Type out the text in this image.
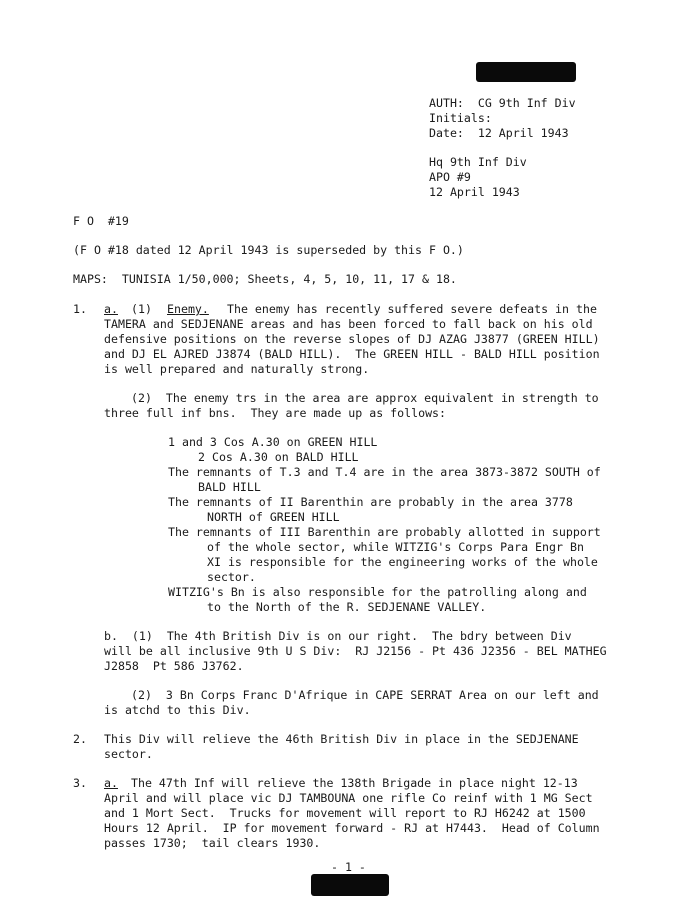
AUTH:  CG 9th Inf Div
Initials:
Date:  12 April 1943
Hq 9th Inf Div
APO #9
12 April 1943
F O  #19
(F O #18 dated 12 April 1943 is superseded by this F O.)
MAPS:  TUNISIA 1/50,000; Sheets, 4, 5, 10, 11, 17 & 18.
1. a. (1) Enemy. The enemy has recently suffered severe defeats in the
TAMERA and SEDJENANE areas and has been forced to fall back on his old
defensive positions on the reverse slopes of DJ AZAG J3877 (GREEN HILL)
and DJ EL AJRED J3874 (BALD HILL).  The GREEN HILL - BALD HILL position
is well prepared and naturally strong.
(2)  The enemy trs in the area are approx equivalent in strength to
three full inf bns.  They are made up as follows:
1 and 3 Cos A.30 on GREEN HILL
2 Cos A.30 on BALD HILL
The remnants of T.3 and T.4 are in the area 3873-3872 SOUTH of
BALD HILL
The remnants of II Barenthin are probably in the area 3778
NORTH of GREEN HILL
The remnants of III Barenthin are probably allotted in support
of the whole sector, while WITZIG's Corps Para Engr Bn
XI is responsible for the engineering works of the whole
sector.
WITZIG's Bn is also responsible for the patrolling along and
to the North of the R. SEDJENANE VALLEY.
b.  (1)  The 4th British Div is on our right.  The bdry between Div
will be all inclusive 9th U S Div:  RJ J2156 - Pt 436 J2356 - BEL MATHEG
J2858  Pt 586 J3762.
(2)  3 Bn Corps Franc D'Afrique in CAPE SERRAT Area on our left and
is atchd to this Div.
2. This Div will relieve the 46th British Div in place in the SEDJENANE
sector.
3. a. The 47th Inf will relieve the 138th Brigade in place night 12-13
April and will place vic DJ TAMBOUNA one rifle Co reinf with 1 MG Sect
and 1 Mort Sect.  Trucks for movement will report to RJ H6242 at 1500
Hours 12 April.  IP for movement forward - RJ at H7443.  Head of Column
passes 1730;  tail clears 1930.
- 1 -
